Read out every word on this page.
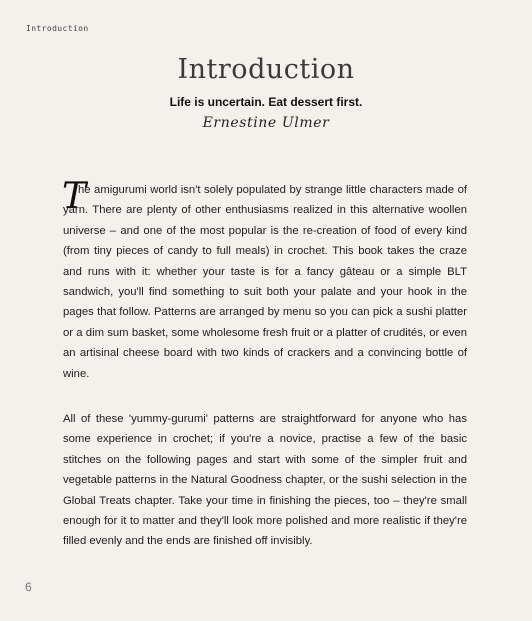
Introduction
Introduction
Life is uncertain. Eat dessert first.
Ernestine Ulmer
T

he amigurumi world isn't solely populated by strange little characters made of yarn. There are plenty of other enthusiasms realized in this alternative woollen universe – and one of the most popular is the re-creation of food of every kind (from tiny pieces of candy to full meals) in crochet. This book takes the craze and runs with it: whether your taste is for a fancy gâteau or a simple BLT sandwich, you'll find something to suit both your palate and your hook in the pages that follow. Patterns are arranged by menu so you can pick a sushi platter or a dim sum basket, some wholesome fresh fruit or a platter of crudités, or even an artisinal cheese board with two kinds of crackers and a convincing bottle of wine.

All of these 'yummy-gurumi' patterns are straightforward for anyone who has some experience in crochet; if you're a novice, practise a few of the basic stitches on the following pages and start with some of the simpler fruit and vegetable patterns in the Natural Goodness chapter, or the sushi selection in the Global Treats chapter. Take your time in finishing the pieces, too – they're small enough for it to matter and they'll look more polished and more realistic if they're filled evenly and the ends are finished off invisibly.

6
